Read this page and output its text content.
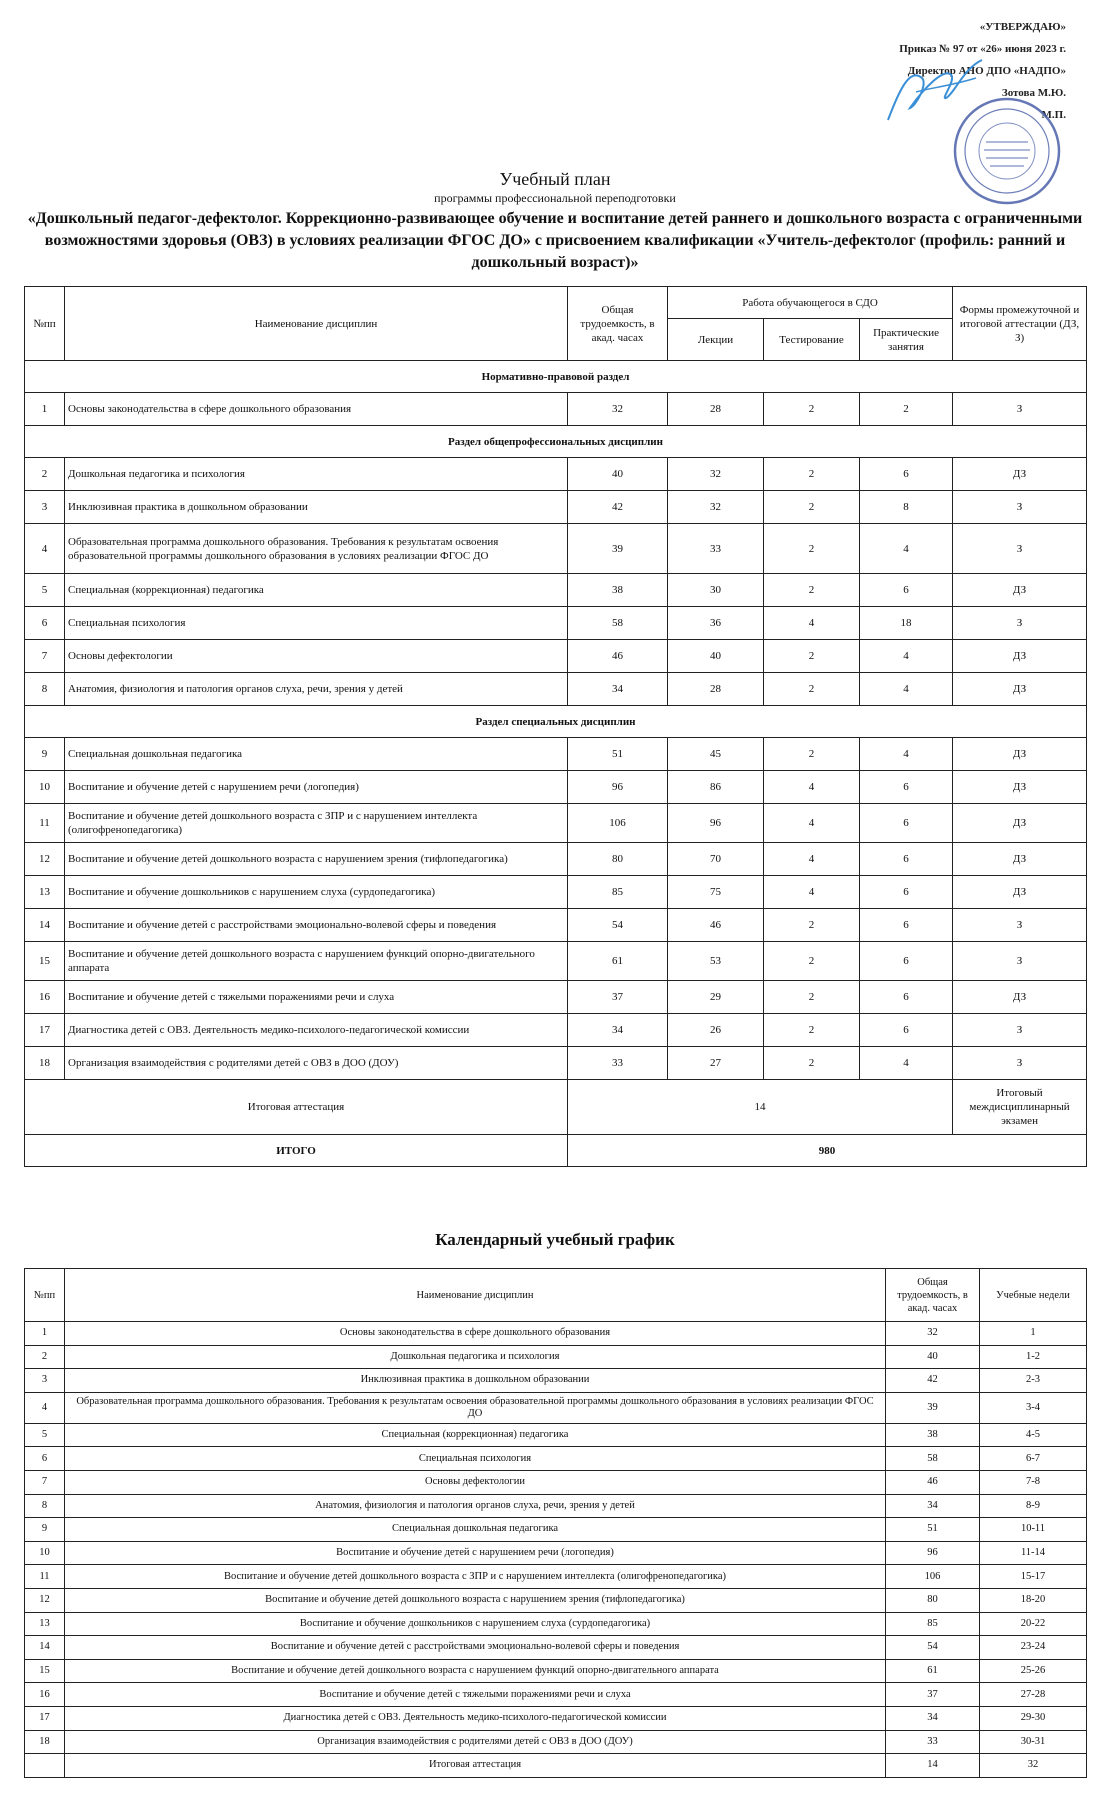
«УТВЕРЖДАЮ»
Приказ № 97 от «26» июня 2023 г.
Директор АНО ДПО «НАДПО»
Зотова М.Ю.
М.П.
Учебный план
программы профессиональной переподготовки
«Дошкольный педагог-дефектолог. Коррекционно-развивающее обучение и воспитание детей раннего и дошкольного возраста с ограниченными возможностями здоровья (ОВЗ) в условиях реализации ФГОС ДО» с присвоением квалификации «Учитель-дефектолог (профиль: ранний и дошкольный возраст)»
№пп	Наименование дисциплин	Общая трудоемкость, в акад. часах	Работа обучающегося в СДО			Формы промежуточной и итоговой аттестации (ДЗ, З)
			Лекции	Тестирование	Практические занятия	
Нормативно-правовой раздел						
1	Основы законодательства в сфере дошкольного образования	32	28	2	2	З
Раздел общепрофессиональных дисциплин						
2	Дошкольная педагогика и психология	40	32	2	6	ДЗ
3	Инклюзивная практика в дошкольном образовании	42	32	2	8	З
4	Образовательная программа дошкольного образования. Требования к результатам освоения образовательной программы дошкольного образования в условиях реализации ФГОС ДО	39	33	2	4	З
5	Специальная (коррекционная) педагогика	38	30	2	6	ДЗ
6	Специальная психология	58	36	4	18	З
7	Основы дефектологии	46	40	2	4	ДЗ
8	Анатомия, физиология и патология органов слуха, речи, зрения у детей	34	28	2	4	ДЗ
Раздел специальных дисциплин						
9	Специальная дошкольная педагогика	51	45	2	4	ДЗ
10	Воспитание и обучение детей с нарушением речи (логопедия)	96	86	4	6	ДЗ
11	Воспитание и обучение детей дошкольного возраста с ЗПР и с нарушением интеллекта (олигофренопедагогика)	106	96	4	6	ДЗ
12	Воспитание и обучение детей дошкольного возраста с нарушением зрения (тифлопедагогика)	80	70	4	6	ДЗ
13	Воспитание и обучение дошкольников с нарушением слуха (сурдопедагогика)	85	75	4	6	ДЗ
14	Воспитание и обучение детей с расстройствами эмоционально-волевой сферы и поведения	54	46	2	6	З
15	Воспитание и обучение детей дошкольного возраста с нарушением функций опорно-двигательного аппарата	61	53	2	6	З
16	Воспитание и обучение детей с тяжелыми поражениями речи и слуха	37	29	2	6	ДЗ
17	Диагностика детей с ОВЗ. Деятельность медико-психолого-педагогической комиссии	34	26	2	6	З
18	Организация взаимодействия с родителями детей с ОВЗ в ДОО (ДОУ)	33	27	2	4	З
Итоговая аттестация		14				Итоговый междисциплинарный экзамен
ИТОГО		980				
Календарный учебный график
№пп	Наименование дисциплин	Общая трудоемкость, в акад. часах	Учебные недели
1	Основы законодательства в сфере дошкольного образования	32	1
2	Дошкольная педагогика и психология	40	1-2
3	Инклюзивная практика в дошкольном образовании	42	2-3
4	Образовательная программа дошкольного образования. Требования к результатам освоения образовательной программы дошкольного образования в условиях реализации ФГОС ДО	39	3-4
5	Специальная (коррекционная) педагогика	38	4-5
6	Специальная психология	58	6-7
7	Основы дефектологии	46	7-8
8	Анатомия, физиология и патология органов слуха, речи, зрения у детей	34	8-9
9	Специальная дошкольная педагогика	51	10-11
10	Воспитание и обучение детей с нарушением речи (логопедия)	96	11-14
11	Воспитание и обучение детей дошкольного возраста с ЗПР и с нарушением интеллекта (олигофренопедагогика)	106	15-17
12	Воспитание и обучение детей дошкольного возраста с нарушением зрения (тифлопедагогика)	80	18-20
13	Воспитание и обучение дошкольников с нарушением слуха (сурдопедагогика)	85	20-22
14	Воспитание и обучение детей с расстройствами эмоционально-волевой сферы и поведения	54	23-24
15	Воспитание и обучение детей дошкольного возраста с нарушением функций опорно-двигательного аппарата	61	25-26
16	Воспитание и обучение детей с тяжелыми поражениями речи и слуха	37	27-28
17	Диагностика детей с ОВЗ. Деятельность медико-психолого-педагогической комиссии	34	29-30
18	Организация взаимодействия с родителями детей с ОВЗ в ДОО (ДОУ)	33	30-31
	Итоговая аттестация	14	32
